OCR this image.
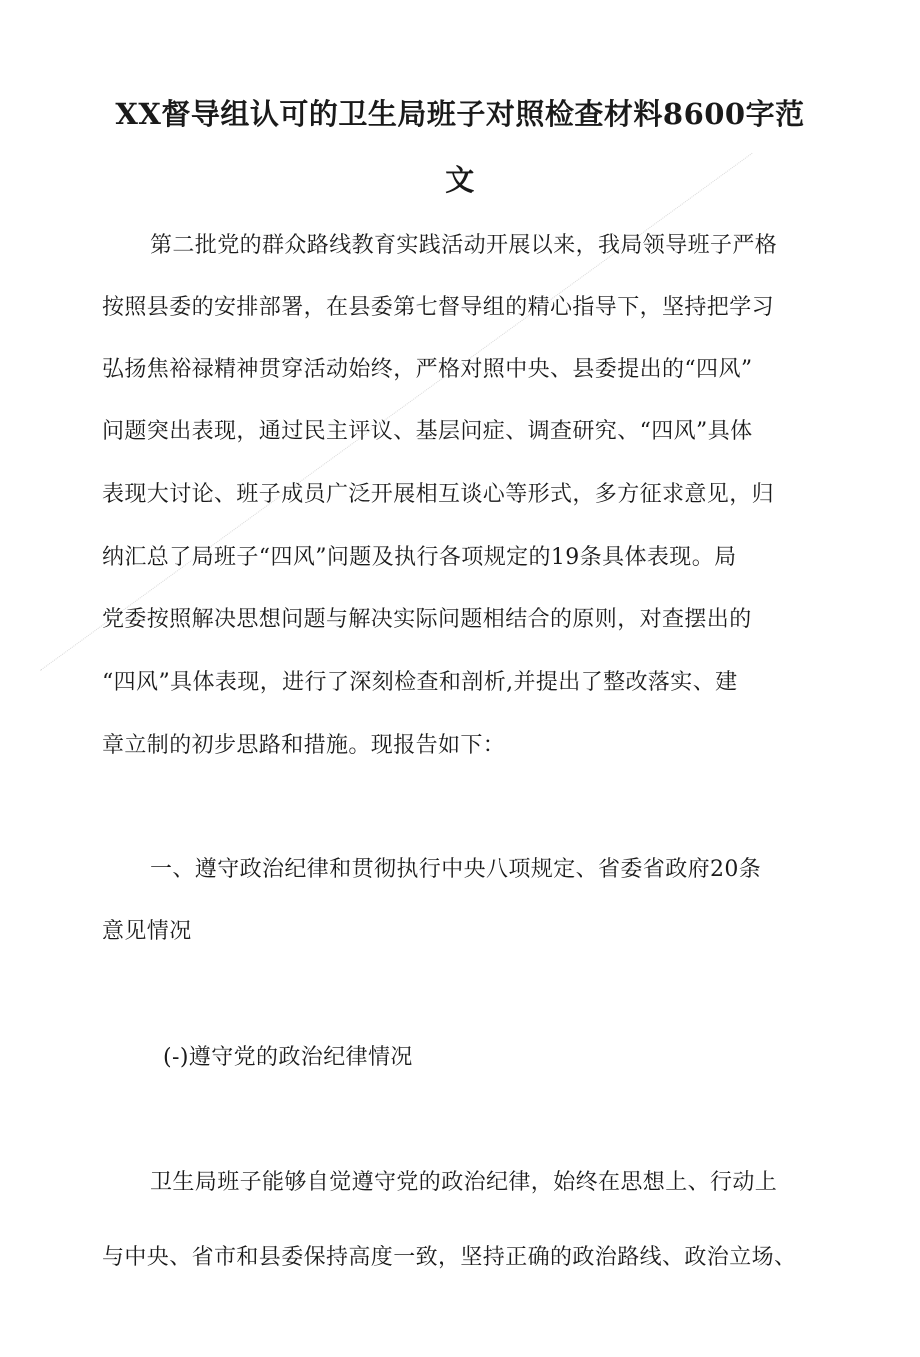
XX督导组认可的卫生局班子对照检查材料8600字范
文

第二批党的群众路线教育实践活动开展以来，我局领导班子严格

按照县委的安排部署，在县委第七督导组的精心指导下，坚持把学习

弘扬焦裕禄精神贯穿活动始终，严格对照中央、县委提出的“四风”

问题突出表现，通过民主评议、基层问症、调查研究、“四风”具体

表现大讨论、班子成员广泛开展相互谈心等形式，多方征求意见，归

纳汇总了局班子“四风”问题及执行各项规定的19条具体表现。局

党委按照解决思想问题与解决实际问题相结合的原则，对查摆出的

“四风”具体表现，进行了深刻检查和剖析,并提出了整改落实、建

章立制的初步思路和措施。现报告如下：

一、遵守政治纪律和贯彻执行中央八项规定、省委省政府20条

意见情况

(-)遵守党的政治纪律情况

卫生局班子能够自觉遵守党的政治纪律，始终在思想上、行动上

与中央、省市和县委保持高度一致，坚持正确的政治路线、政治立场、
